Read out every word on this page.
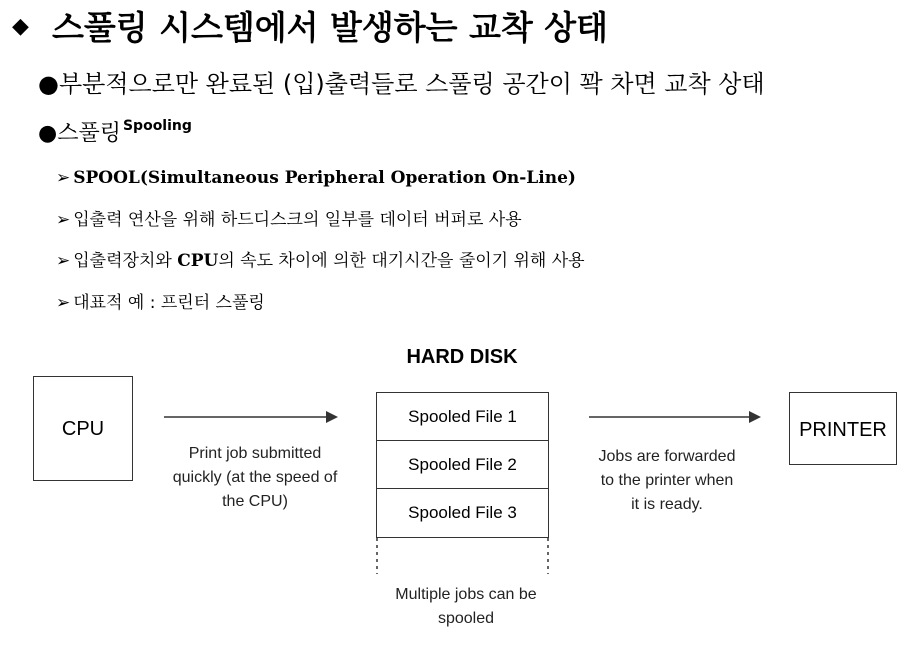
◆ 스풀링 시스템에서 발생하는 교착 상태
●부분적으로만 완료된 (입)출력들로 스풀링 공간이 꽉 차면 교착 상태
●스풀링 $^{Spooling}$
➢ SPOOL(Simultaneous Peripheral Operation On-Line)
➢ 입출력 연산을 위해 하드디스크의 일부를 데이터 버퍼로 사용
➢ 입출력장치와 CPU의 속도 차이에 의한 대기시간을 줄이기 위해 사용
➢ 대표적 예 : 프린터 스풀링
CPU
HARD DISK
Spooled File 1
Spooled File 2
Spooled File 3
PRINTER
Print job submitted
quickly (at the speed of
the CPU)
Jobs are forwarded
to the printer when
it is ready.
Multiple jobs can be
spooled
